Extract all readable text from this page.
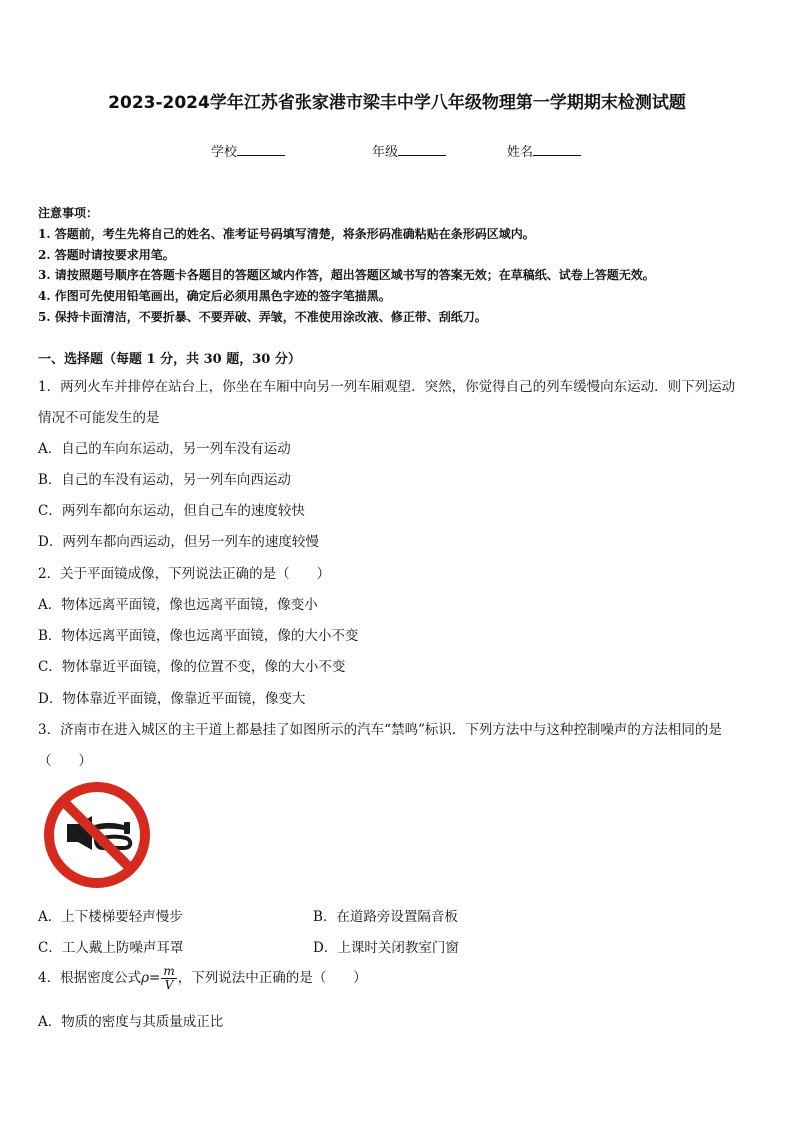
2023-2024学年江苏省张家港市梁丰中学八年级物理第一学期期末检测试题
学校	年级	姓名
注意事项：
1. 答题前，考生先将自己的姓名、准考证号码填写清楚，将条形码准确粘贴在条形码区域内。
2. 答题时请按要求用笔。
3. 请按照题号顺序在答题卡各题目的答题区域内作答，超出答题区域书写的答案无效；在草稿纸、试卷上答题无效。
4. 作图可先使用铅笔画出，确定后必须用黑色字迹的签字笔描黑。
5. 保持卡面清洁，不要折暴、不要弄破、弄皱，不准使用涂改液、修正带、刮纸刀。
一、选择题（每题 1 分，共 30 题，30 分）
1．两列火车并排停在站台上，你坐在车厢中向另一列车厢观望．突然，你觉得自己的列车缓慢向东运动．则下列运动
情况不可能发生的是
A．自己的车向东运动，另一列车没有运动
B．自己的车没有运动，另一列车向西运动
C．两列车都向东运动，但自己车的速度较快
D．两列车都向西运动，但另一列车的速度较慢
2．关于平面镜成像，下列说法正确的是（　　）
A．物体远离平面镜，像也远离平面镜，像变小
B．物体远离平面镜，像也远离平面镜，像的大小不变
C．物体靠近平面镜，像的位置不变，像的大小不变
D．物体靠近平面镜，像靠近平面镜，像变大
3．济南市在进入城区的主干道上都悬挂了如图所示的汽车“禁鸣”标识．下列方法中与这种控制噪声的方法相同的是
（　　）
A．上下楼梯要轻声慢步	B．在道路旁设置隔音板
C．工人戴上防噪声耳罩	D．上课时关闭教室门窗
4．根据密度公式$\rho= \frac{m}{V}$ ，下列说法中正确的是（　　）
A．物质的密度与其质量成正比
